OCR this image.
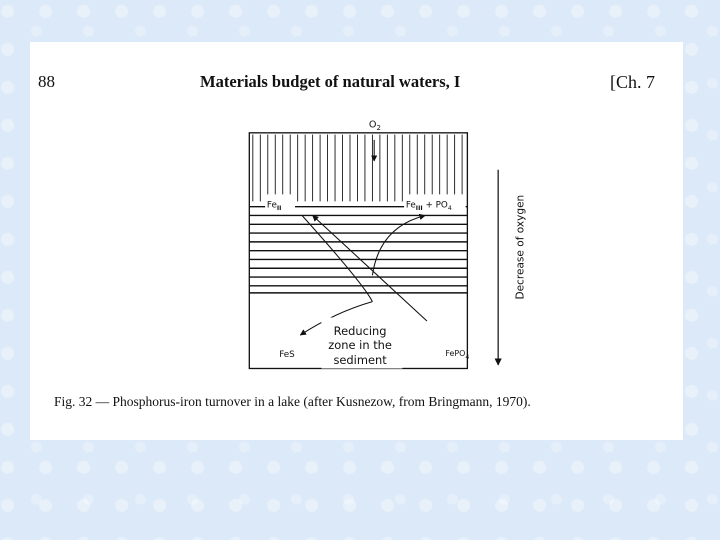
88	Materials budget of natural waters, I	[Ch. 7
$O_2$
$Fe_{II}$	$Fe_{III} + PO_4$
Reducing
zone in the
sediment
FeS	FePO$_4$
Decrease of oxygen
Fig. 32 — Phosphorus-iron turnover in a lake (after Kusnezow, from Bringmann, 1970).
